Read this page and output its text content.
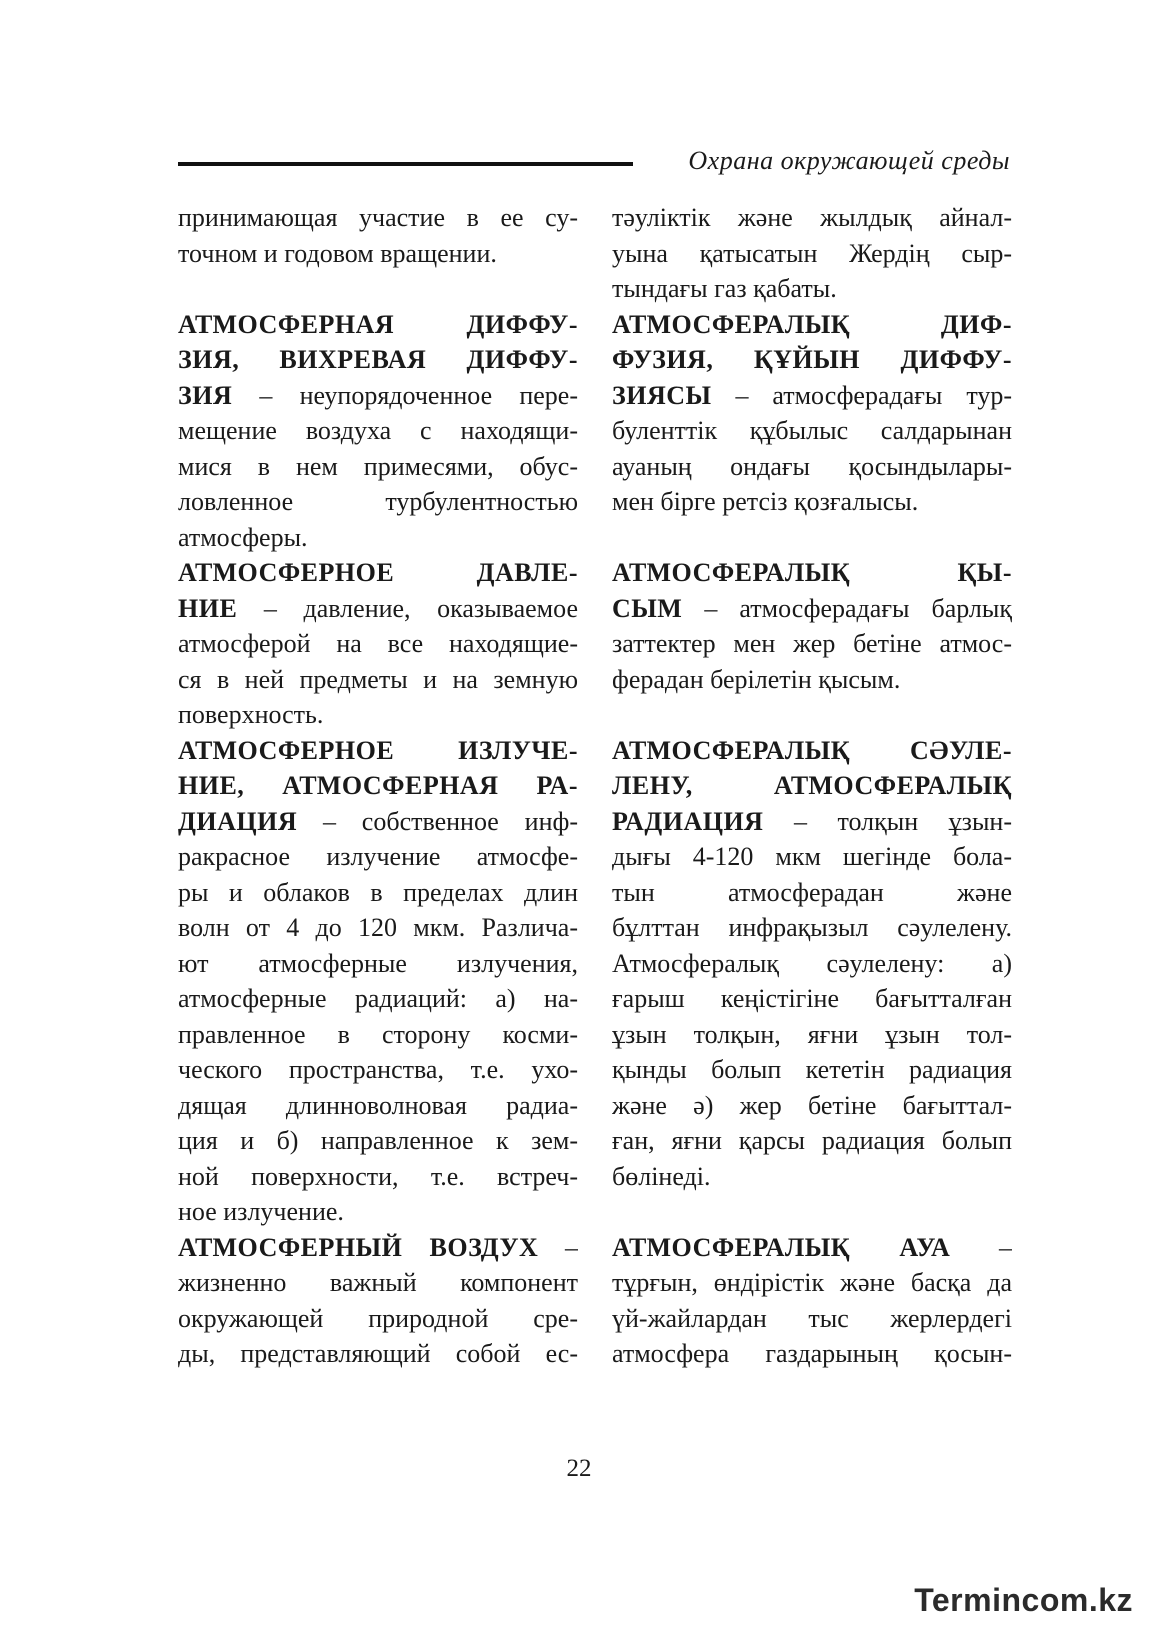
Охрана окружающей среды
принимающая участие в ее су-
точном и годовом вращении.
АТМОСФЕРНАЯ ДИФФУ-
ЗИЯ, ВИХРЕВАЯ ДИФФУ-
ЗИЯ – неупорядоченное пере-
мещение воздуха с находящи-
мися в нем примесями, обус-
ловленное турбулентностью
атмосферы.
АТМОСФЕРНОЕ ДАВЛЕ-
НИЕ – давление, оказываемое
атмосферой на все находящие-
ся в ней предметы и на земную
поверхность.
АТМОСФЕРНОЕ ИЗЛУЧЕ-
НИЕ, АТМОСФЕРНАЯ РА-
ДИАЦИЯ – собственное инф-
ракрасное излучение атмосфе-
ры и облаков в пределах длин
волн от 4 до 120 мкм. Различа-
ют атмосферные излучения,
атмосферные радиаций: а) на-
правленное в сторону косми-
ческого пространства, т.е. ухо-
дящая длинноволновая радиа-
ция и б) направленное к зем-
ной поверхности, т.е. встреч-
ное излучение.
АТМОСФЕРНЫЙ ВОЗДУХ –
жизненно важный компонент
окружающей природной сре-
ды, представляющий собой ес-
тәуліктік және жылдық айнал-
уына қатысатын Жердің сыр-
тындағы газ қабаты.
АТМОСФЕРАЛЫҚ ДИФ-
ФУЗИЯ, ҚҰЙЫН ДИФФУ-
ЗИЯСЫ – атмосферадағы тур-
буленттік құбылыс салдарынан
ауаның ондағы қосындылары-
мен бірге ретсіз қозғалысы.
АТМОСФЕРАЛЫҚ ҚЫ-
СЫМ – атмосферадағы барлық
заттектер мен жер бетіне атмос-
ферадан берілетін қысым.
АТМОСФЕРАЛЫҚ СӘУЛЕ-
ЛЕНУ, АТМОСФЕРАЛЫҚ
РАДИАЦИЯ – толқын ұзын-
дығы 4-120 мкм шегінде бола-
тын атмосферадан және
бұлттан инфрақызыл сәулелену.
Атмосфералық сәулелену: а)
ғарыш кеңістігіне бағытталған
ұзын толқын, яғни ұзын тол-
қынды болып кететін радиация
және ә) жер бетіне бағыттал-
ған, яғни қарсы радиация болып
бөлінеді.
АТМОСФЕРАЛЫҚ АУА –
тұрғын, өндірістік және басқа да
үй-жайлардан тыс жерлердегі
атмосфера газдарының қосын-
22
Termincom.kz
